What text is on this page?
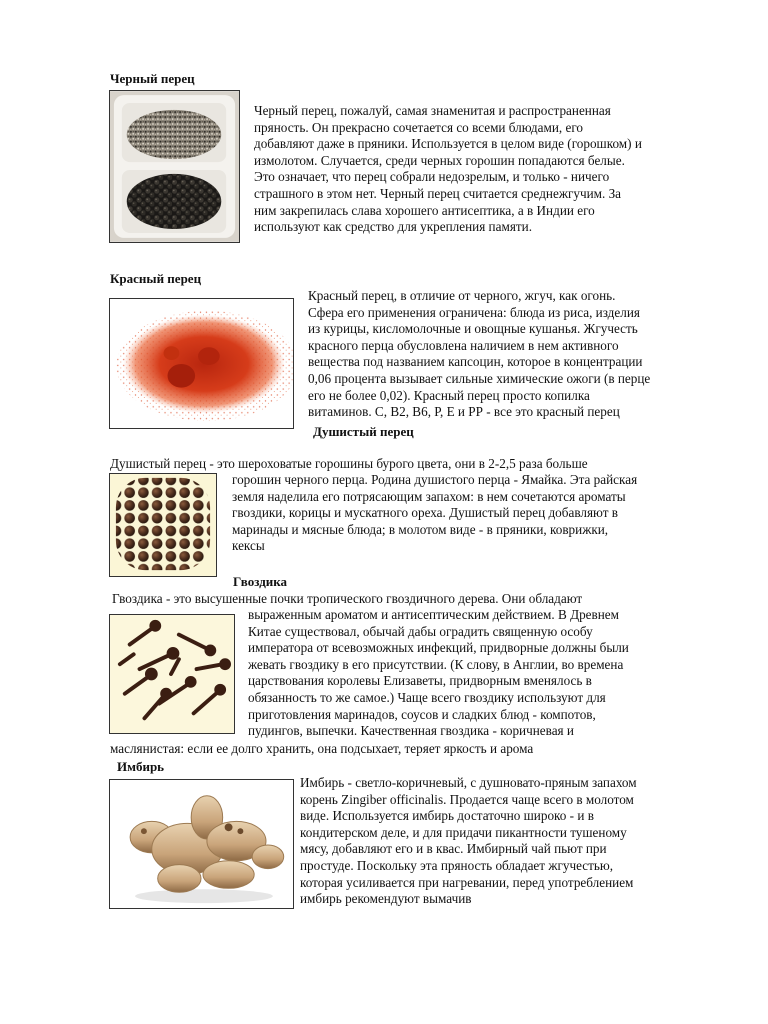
Черный перец
Черный перец, пожалуй, самая знаменитая и распространенная
пряность. Он прекрасно сочетается со всеми блюдами, его
добавляют даже в пряники. Используется в целом виде (горошком) и
измолотом. Случается, среди черных горошин попадаются белые.
Это означает, что перец собрали недозрелым, и только - ничего
страшного в этом нет. Черный перец считается среднежгучим. За
ним закрепилась слава хорошего антисептика, а в Индии его
используют как средство для укрепления памяти.
Красный перец
Красный перец, в отличие от черного, жгуч, как огонь.
Сфера его применения ограничена: блюда из риса, изделия
из курицы, кисломолочные и овощные кушанья. Жгучесть
красного перца обусловлена наличием в нем активного
вещества под названием капсоцин, которое в концентрации
0,06 процента вызывает сильные химические ожоги (в перце
его не более 0,02). Красный перец просто копилка
витаминов. С, В2, В6, Р, Е и РР - все это красный перец
Душистый перец
Душистый перец - это шероховатые горошины бурого цвета, они в 2-2,5 раза больше
горошин черного перца. Родина душистого перца - Ямайка. Эта райская
земля наделила его потрясающим запахом: в нем сочетаются ароматы
гвоздики, корицы и мускатного ореха. Душистый перец добавляют в
маринады и мясные блюда; в молотом виде - в пряники, коврижки,
кексы
Гвоздика
Гвоздика - это высушенные почки тропического гвоздичного дерева. Они обладают
выраженным ароматом и антисептическим действием. В Древнем
Китае существовал, обычай дабы оградить священную особу
императора от всевозможных инфекций, придворные должны были
жевать гвоздику в его присутствии. (К слову, в Англии, во времена
царствования королевы Елизаветы, придворным вменялось в
обязанность то же самое.) Чаще всего гвоздику используют для
приготовления маринадов, соусов и сладких блюд - компотов,
пудингов, выпечки. Качественная гвоздика - коричневая и
маслянистая: если ее долго хранить, она подсыхает, теряет яркость и арома
Имбирь
Имбирь - светло-коричневый, с душновато-пряным запахом
корень Zingiber officinalis. Продается чаще всего в молотом
виде. Используется имбирь достаточно широко - и в
кондитерском деле, и для придачи пикантности тушеному
мясу, добавляют его и в квас. Имбирный чай пьют при
простуде. Поскольку эта пряность обладает жгучестью,
которая усиливается при нагревании, перед употреблением
имбирь рекомендуют вымачив
